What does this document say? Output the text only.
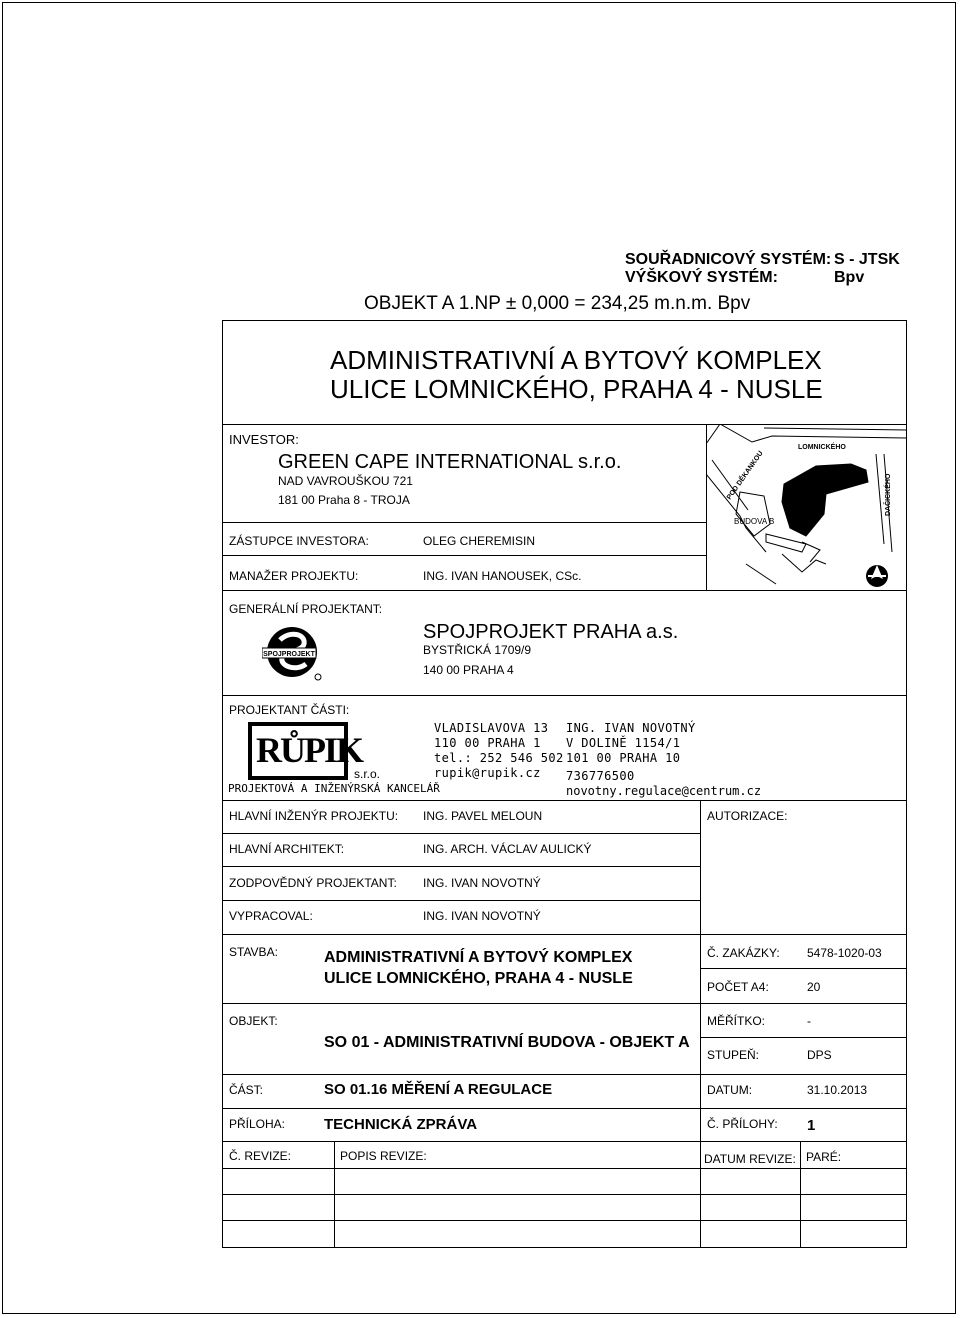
SOUŘADNICOVÝ SYSTÉM: S - JTSK
VÝŠKOVÝ SYSTÉM:	Bpv
OBJEKT A 1.NP ± 0,000 = 234,25 m.n.m. Bpv
ADMINISTRATIVNÍ A BYTOVÝ KOMPLEX
ULICE LOMNICKÉHO, PRAHA 4 - NUSLE
INVESTOR:
GREEN CAPE INTERNATIONAL s.r.o.
NAD VAVROUŠKOU 721
181 00 Praha 8 - TROJA
LOMNICKÉHO
POD DĚKANKOU	DAČICKÉHO
BUDOVA B
ZÁSTUPCE INVESTORA:	OLEG CHEREMISIN
MANAŽER PROJEKTU:	ING. IVAN HANOUSEK, CSc.
GENERÁLNÍ PROJEKTANT:
SPOJPROJEKT
SPOJPROJEKT PRAHA a.s.
BYSTŘICKÁ 1709/9
140 00 PRAHA 4
PROJEKTANT ČÁSTI:
RŮPIK
s.r.o.
PROJEKTOVÁ A INŽENÝRSKÁ KANCELÁŘ
VLADISLAVOVA 13
110 00 PRAHA 1
tel.: 252 546 502
rupik@rupik.cz
ING. IVAN NOVOTNÝ
V DOLINĚ 1154/1
101 00 PRAHA 10
736776500
novotny.regulace@centrum.cz
HLAVNÍ INŽENÝR PROJEKTU: ING. PAVEL MELOUN	AUTORIZACE:
HLAVNÍ ARCHITEKT:	ING. ARCH. VÁCLAV AULICKÝ
ZODPOVĚDNÝ PROJEKTANT: ING. IVAN NOVOTNÝ
VYPRACOVAL:	ING. IVAN NOVOTNÝ
STAVBA:	ADMINISTRATIVNÍ A BYTOVÝ KOMPLEX
ULICE LOMNICKÉHO, PRAHA 4 - NUSLE
Č. ZAKÁZKY: 5478-1020-03
POČET A4:	20
OBJEKT:
SO 01 - ADMINISTRATIVNÍ BUDOVA - OBJEKT A
MĚŘÍTKO:	-
STUPEŇ:	DPS
ČÁST:	SO 01.16 MĚŘENÍ A REGULACE	DATUM:	31.10.2013
PŘÍLOHA:	TECHNICKÁ ZPRÁVA	Č. PŘÍLOHY: 1
Č. REVIZE:	POPIS REVIZE:	DATUM REVIZE: PARÉ:
